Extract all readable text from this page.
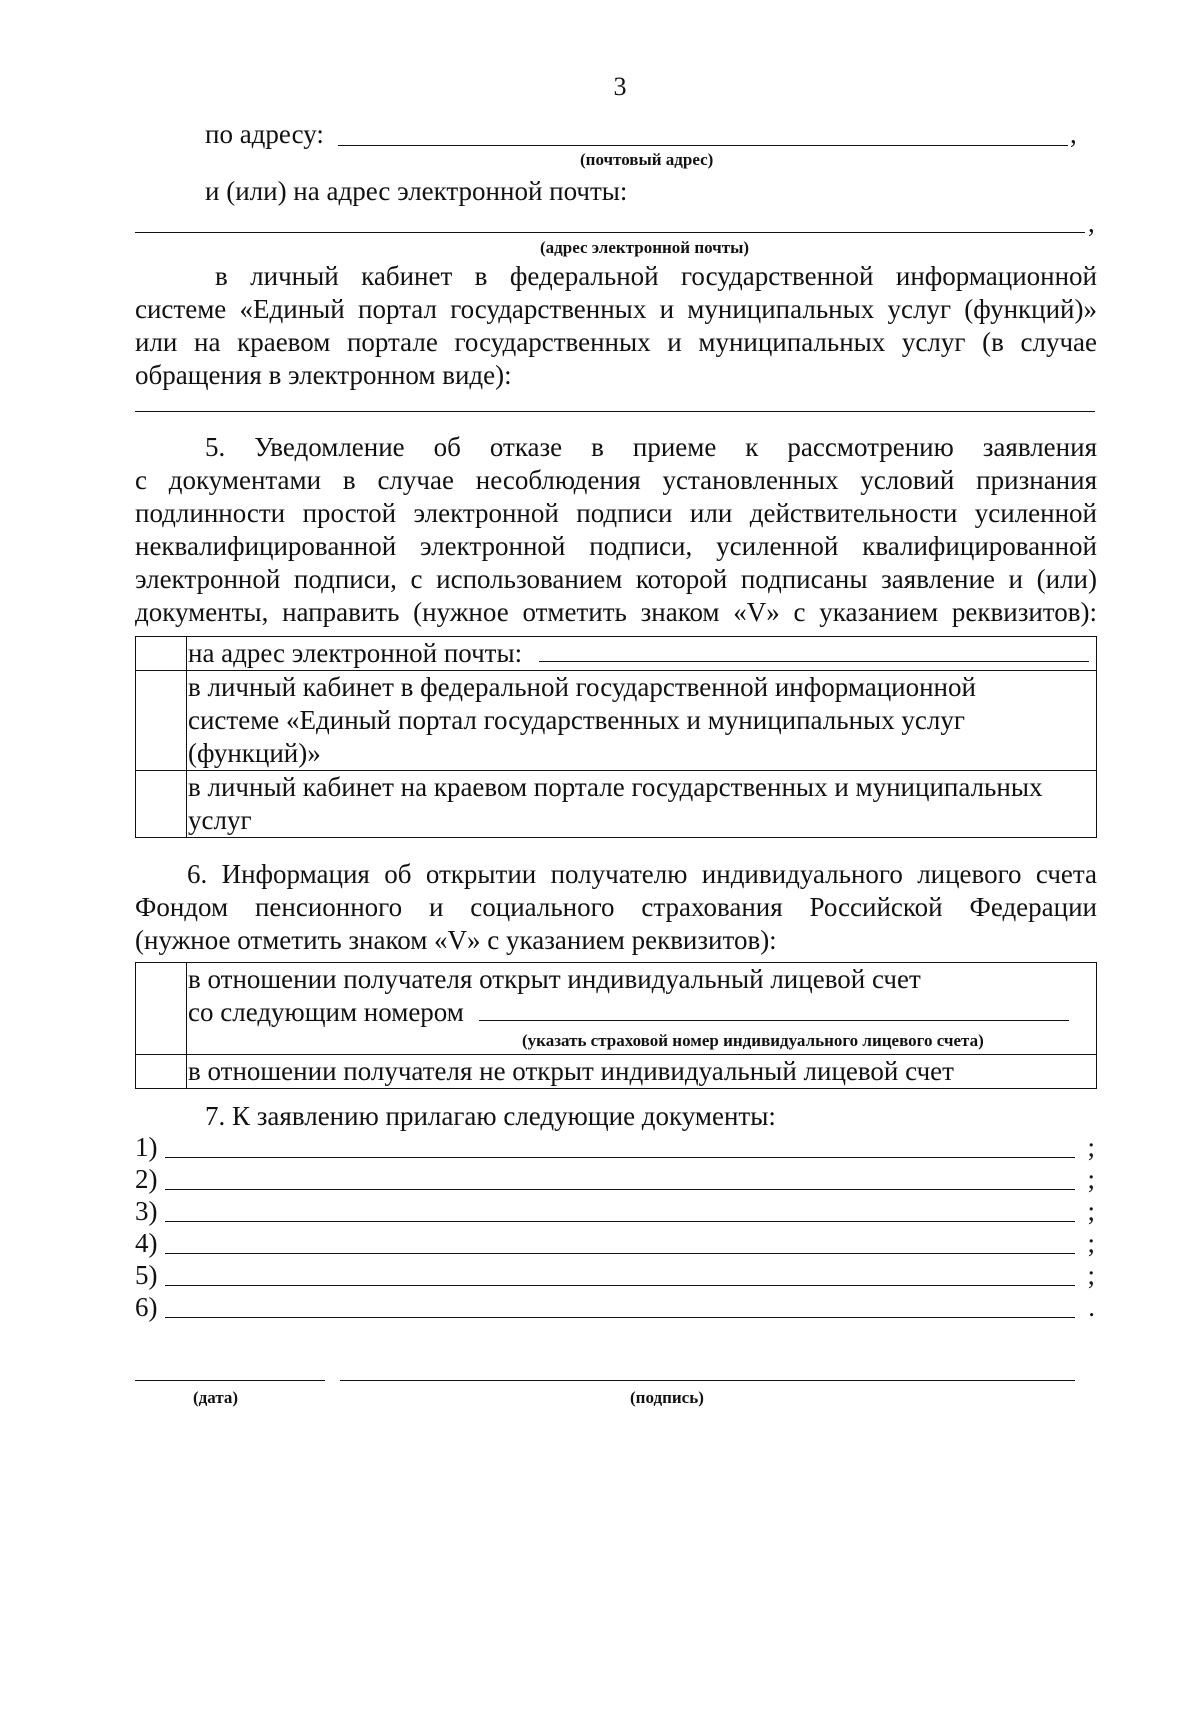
3
по адресу:	,
(почтовый адрес)
и (или) на адрес электронной почты:
,
(адрес электронной почты)
в личный кабинет в федеральной государственной информационной
системе «Единый портал государственных и муниципальных услуг (функций)»
или на краевом портале государственных и муниципальных услуг (в случае
обращения в электронном виде):
5. Уведомление об отказе в приеме к рассмотрению заявления
с документами в случае несоблюдения установленных условий признания
подлинности простой электронной подписи или действительности усиленной
неквалифицированной электронной подписи, усиленной квалифицированной
электронной подписи, с использованием которой подписаны заявление и (или)
документы, направить (нужное отметить знаком «V» с указанием реквизитов):
	на адрес электронной почты:

	в личный кабинет в федеральной государственной информационной
системе «Единый портал государственных и муниципальных услуг
(функций)»

	в личный кабинет на краевом портале государственных и муниципальных
услуг
6. Информация об открытии получателю индивидуального лицевого счета
Фондом пенсионного и социального страхования Российской Федерации
(нужное отметить знаком «V» с указанием реквизитов):

	в отношении получателя открыт индивидуальный лицевой счет
со следующим номером
(указать страховой номер индивидуального лицевого счета)

	в отношении получателя не открыт индивидуальный лицевой счет
7. К заявлению прилагаю следующие документы:
1)	;
2)	;
3)	;
4)	;
5)	;
6)	.
(дата)	(подпись)
